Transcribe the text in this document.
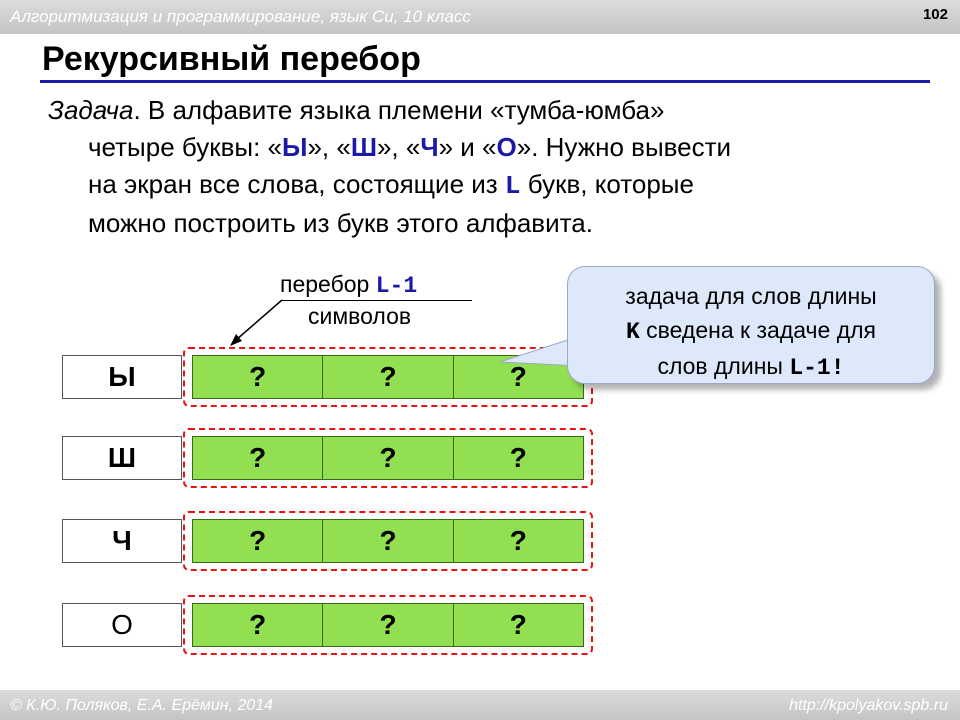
Алгоритмизация и программирование, язык Си, 10 класс	102
Рекурсивный перебор
Задача. В алфавите языка племени «тумба-юмба»
четыре буквы: «Ы», «Ш», «Ч» и «О». Нужно вывести
на экран все слова, состоящие из L букв, которые
можно построить из букв этого алфавита.
перебор L-1
символов
Ы	?	?	?
Ш	?	?	?
Ч	?	?	?
О	?	?	?
задача для слов длины
K сведена к задаче для
слов длины L-1!
© К.Ю. Поляков, Е.А. Ерёмин, 2014	http://kpolyakov.spb.ru
